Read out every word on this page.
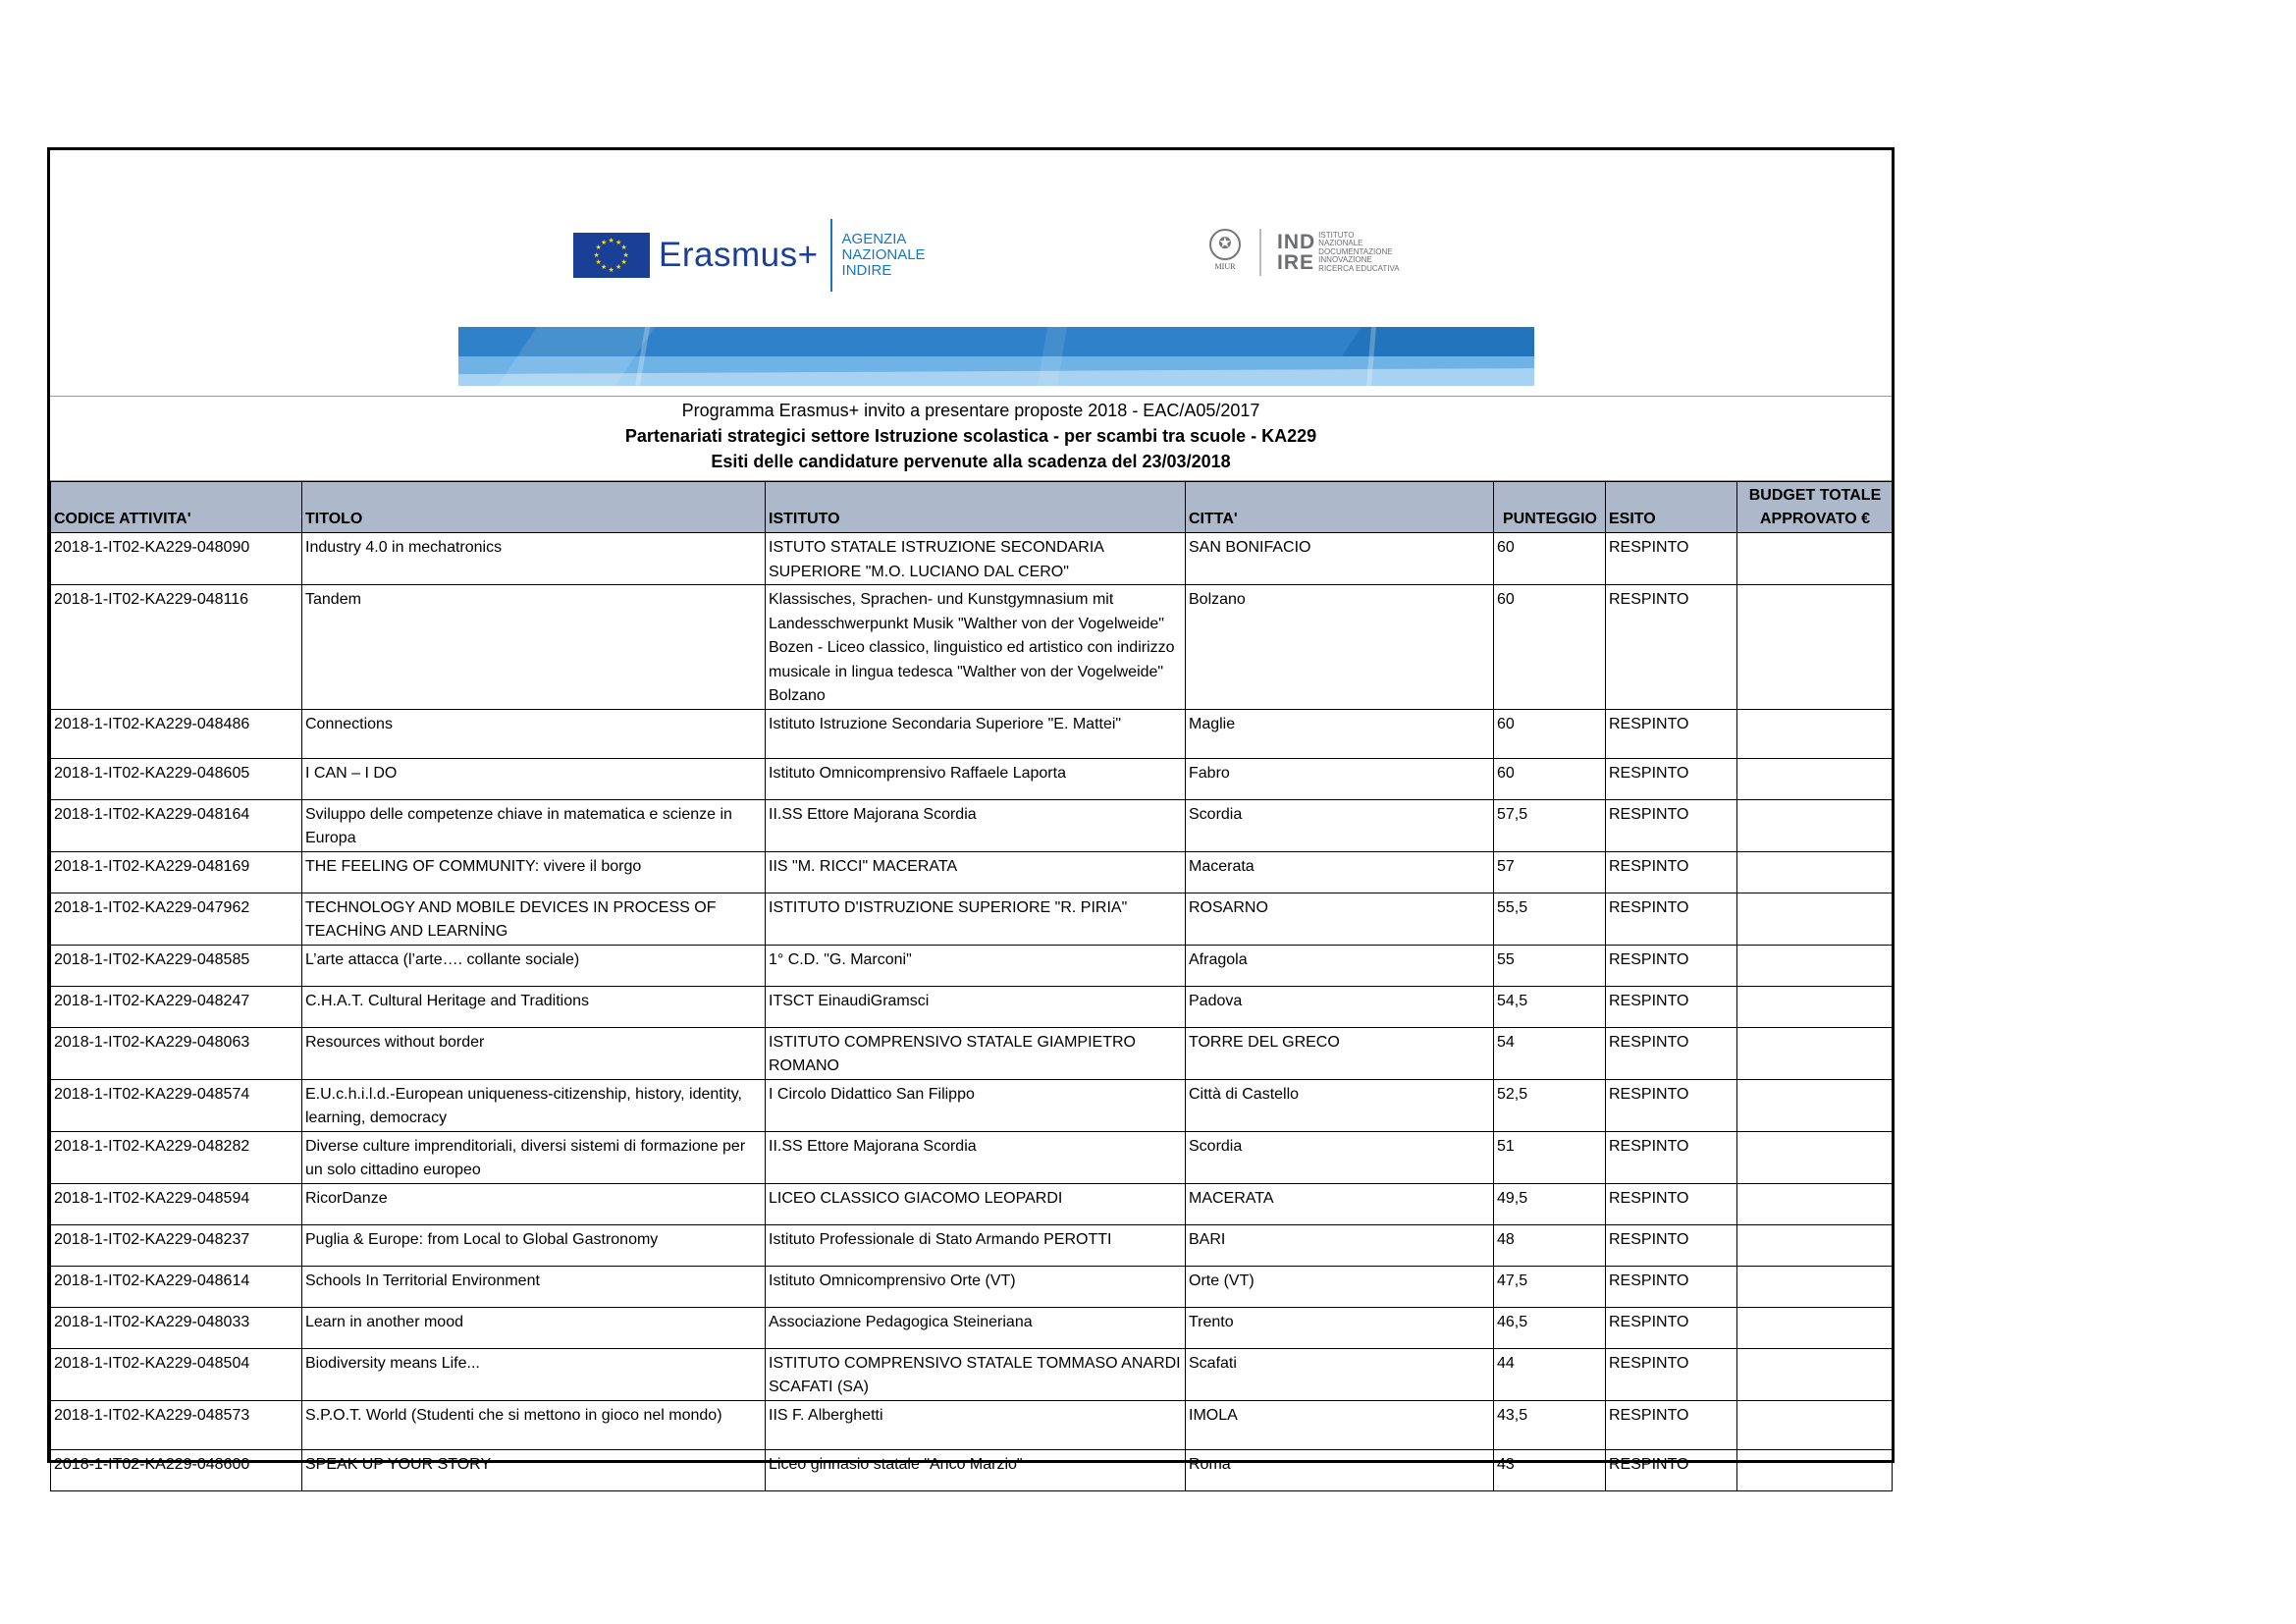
★
★
★
★
★
★
★
★
★ ★ ★
★ Erasmus+ AGENZIA
NAZIONALE
INDIRE
✪
MIUR
IND
IRE
ISTITUTO
NAZIONALE
DOCUMENTAZIONE
INNOVAZIONE
RICERCA EDUCATIVA
Programma Erasmus+ invito a presentare proposte 2018 - EAC/A05/2017
Partenariati strategici settore Istruzione scolastica - per scambi tra scuole - KA229
Esiti delle candidature pervenute alla scadenza del 23/03/2018
CODICE ATTIVITA'	TITOLO	ISTITUTO	CITTA'	PUNTEGGIO	ESITO	BUDGET TOTALE APPROVATO €
2018-1-IT02-KA229-048090	Industry 4.0 in mechatronics	ISTUTO STATALE ISTRUZIONE SECONDARIA SUPERIORE "M.O. LUCIANO DAL CERO"	SAN BONIFACIO	60	RESPINTO	
2018-1-IT02-KA229-048116	Tandem	Klassisches, Sprachen- und Kunstgymnasium mit Landesschwerpunkt Musik "Walther von der Vogelweide" Bozen - Liceo classico, linguistico ed artistico con indirizzo musicale in lingua tedesca "Walther von der Vogelweide" Bolzano	Bolzano	60	RESPINTO	
2018-1-IT02-KA229-048486	Connections	Istituto Istruzione Secondaria Superiore "E. Mattei"	Maglie	60	RESPINTO	
2018-1-IT02-KA229-048605	I CAN – I DO	Istituto Omnicomprensivo Raffaele Laporta	Fabro	60	RESPINTO	
2018-1-IT02-KA229-048164	Sviluppo delle competenze chiave in matematica e scienze in Europa	II.SS Ettore Majorana Scordia	Scordia	57,5	RESPINTO	
2018-1-IT02-KA229-048169	THE FEELING OF COMMUNITY: vivere il borgo	IIS "M. RICCI" MACERATA	Macerata	57	RESPINTO	
2018-1-IT02-KA229-047962	TECHNOLOGY AND MOBILE DEVICES IN PROCESS OF TEACHİNG AND LEARNİNG	ISTITUTO D'ISTRUZIONE SUPERIORE "R. PIRIA"	ROSARNO	55,5	RESPINTO	
2018-1-IT02-KA229-048585	L’arte attacca (l’arte…. collante sociale)	1° C.D. "G. Marconi"	Afragola	55	RESPINTO	
2018-1-IT02-KA229-048247	C.H.A.T. Cultural Heritage and Traditions	ITSCT EinaudiGramsci	Padova	54,5	RESPINTO	
2018-1-IT02-KA229-048063	Resources without border	ISTITUTO COMPRENSIVO STATALE GIAMPIETRO ROMANO	TORRE DEL GRECO	54	RESPINTO	
2018-1-IT02-KA229-048574	E.U.c.h.i.l.d.-European uniqueness-citizenship, history, identity, learning, democracy	I Circolo Didattico San Filippo	Città di Castello	52,5	RESPINTO	
2018-1-IT02-KA229-048282	Diverse culture imprenditoriali, diversi sistemi di formazione per un solo cittadino europeo	II.SS Ettore Majorana Scordia	Scordia	51	RESPINTO	
2018-1-IT02-KA229-048594	RicorDanze	LICEO CLASSICO GIACOMO LEOPARDI	MACERATA	49,5	RESPINTO	
2018-1-IT02-KA229-048237	Puglia & Europe: from Local to Global Gastronomy	Istituto Professionale di Stato Armando PEROTTI	BARI	48	RESPINTO	
2018-1-IT02-KA229-048614	Schools In Territorial Environment	Istituto Omnicomprensivo Orte (VT)	Orte (VT)	47,5	RESPINTO	
2018-1-IT02-KA229-048033	Learn in another mood	Associazione Pedagogica Steineriana	Trento	46,5	RESPINTO	
2018-1-IT02-KA229-048504	Biodiversity means Life...	ISTITUTO COMPRENSIVO STATALE TOMMASO ANARDI SCAFATI (SA)	Scafati	44	RESPINTO	
2018-1-IT02-KA229-048573	S.P.O.T. World (Studenti che si mettono in gioco nel mondo)	IIS F. Alberghetti	IMOLA	43,5	RESPINTO	
2018-1-IT02-KA229-048600	SPEAK UP YOUR STORY	Liceo ginnasio statale "Anco Marzio"	Roma	43	RESPINTO	
